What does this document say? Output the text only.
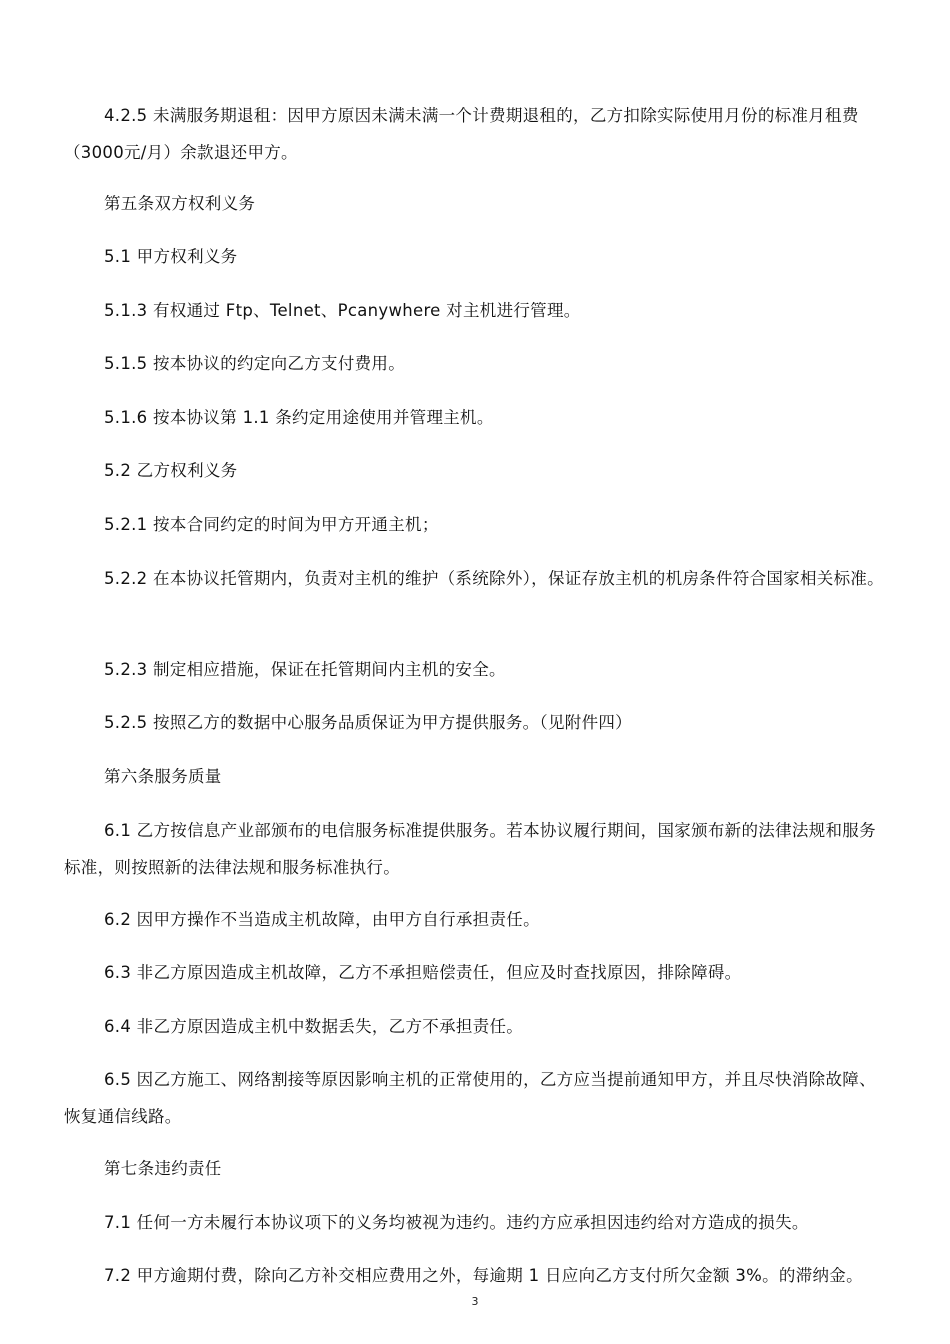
4.2.5 未满服务期退租：因甲方原因未满未满一个计费期退租的，乙方扣除实际使用月份的标准月租费（3000元/月）余款退还甲方。

第五条双方权利义务

5.1 甲方权利义务

5.1.3 有权通过 Ftp、Telnet、Pcanywhere 对主机进行管理。

5.1.5 按本协议的约定向乙方支付费用。

5.1.6 按本协议第 1.1 条约定用途使用并管理主机。

5.2 乙方权利义务

5.2.1 按本合同约定的时间为甲方开通主机；

5.2.2 在本协议托管期内，负责对主机的维护（系统除外），保证存放主机的机房条件符合国家相关标准。

5.2.3 制定相应措施，保证在托管期间内主机的安全。

5.2.5 按照乙方的数据中心服务品质保证为甲方提供服务。（见附件四）

第六条服务质量

6.1 乙方按信息产业部颁布的电信服务标准提供服务。若本协议履行期间，国家颁布新的法律法规和服务标准，则按照新的法律法规和服务标准执行。

6.2 因甲方操作不当造成主机故障，由甲方自行承担责任。

6.3 非乙方原因造成主机故障，乙方不承担赔偿责任，但应及时查找原因，排除障碍。

6.4 非乙方原因造成主机中数据丢失，乙方不承担责任。

6.5 因乙方施工、网络割接等原因影响主机的正常使用的，乙方应当提前通知甲方，并且尽快消除故障、恢复通信线路。

第七条违约责任

7.1 任何一方未履行本协议项下的义务均被视为违约。违约方应承担因违约给对方造成的损失。

7.2 甲方逾期付费，除向乙方补交相应费用之外，每逾期 1 日应向乙方支付所欠金额 3%。的滞纳金。

3
